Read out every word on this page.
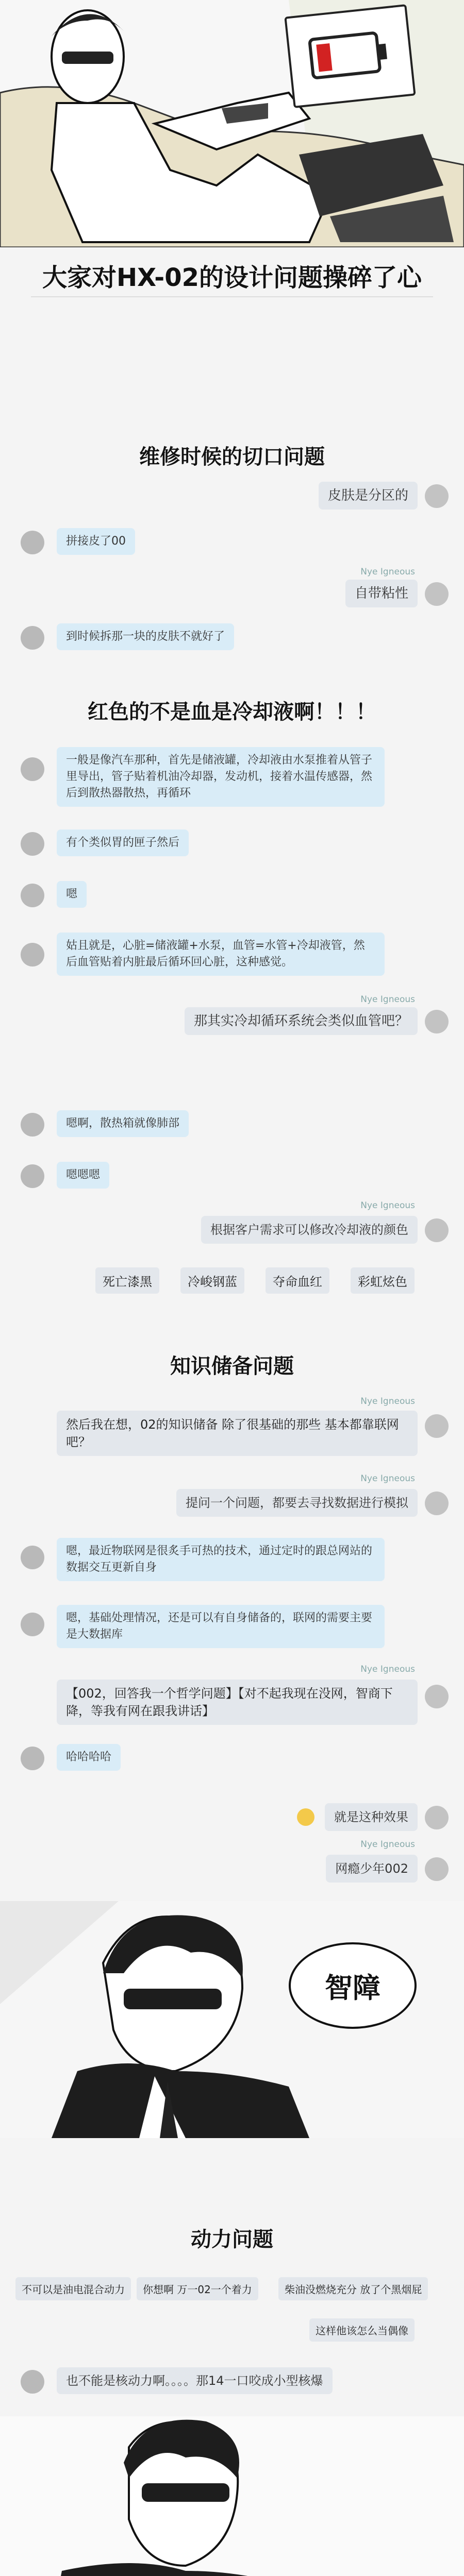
大家对HX-02的设计问题操碎了心
维修时候的切口问题
皮肤是分区的
拼接皮了00
Nye Igneous
自带粘性
到时候拆那一块的皮肤不就好了
红色的不是血是冷却液啊！！！
一般是像汽车那种，首先是储液罐，冷却液由水泵推着从管子里导出，管子贴着机油冷却器，发动机，接着水温传感器，然后到散热器散热，再循环
有个类似胃的匣子然后
嗯
姑且就是，心脏=储液罐+水泵，血管=水管+冷却液管，然后血管贴着内脏最后循环回心脏，这种感觉。
Nye Igneous
那其实冷却循环系统会类似血管吧？
嗯啊，散热箱就像肺部
嗯嗯嗯
Nye Igneous
根据客户需求可以修改冷却液的颜色
死亡漆黑	冷峻钢蓝	夺命血红	彩虹炫色
知识储备问题
Nye Igneous
然后我在想，02的知识储备 除了很基础的那些 基本都靠联网吧？
Nye Igneous
提问一个问题，都要去寻找数据进行模拟
嗯，最近物联网是很炙手可热的技术，通过定时的跟总网站的数据交互更新自身
嗯，基础处理情况，还是可以有自身储备的，联网的需要主要是大数据库
Nye Igneous
【002，回答我一个哲学问题】【对不起我现在没网，智商下降，等我有网在跟我讲话】
哈哈哈哈
就是这种效果
Nye Igneous
网瘾少年002
智障
动力问题
不可以是油电混合动力	你想啊 万一02一个着力	柴油没燃烧充分 放了个黑烟屁
这样他该怎么当偶像
也不能是核动力啊。。。。那14一口咬成小型核爆
